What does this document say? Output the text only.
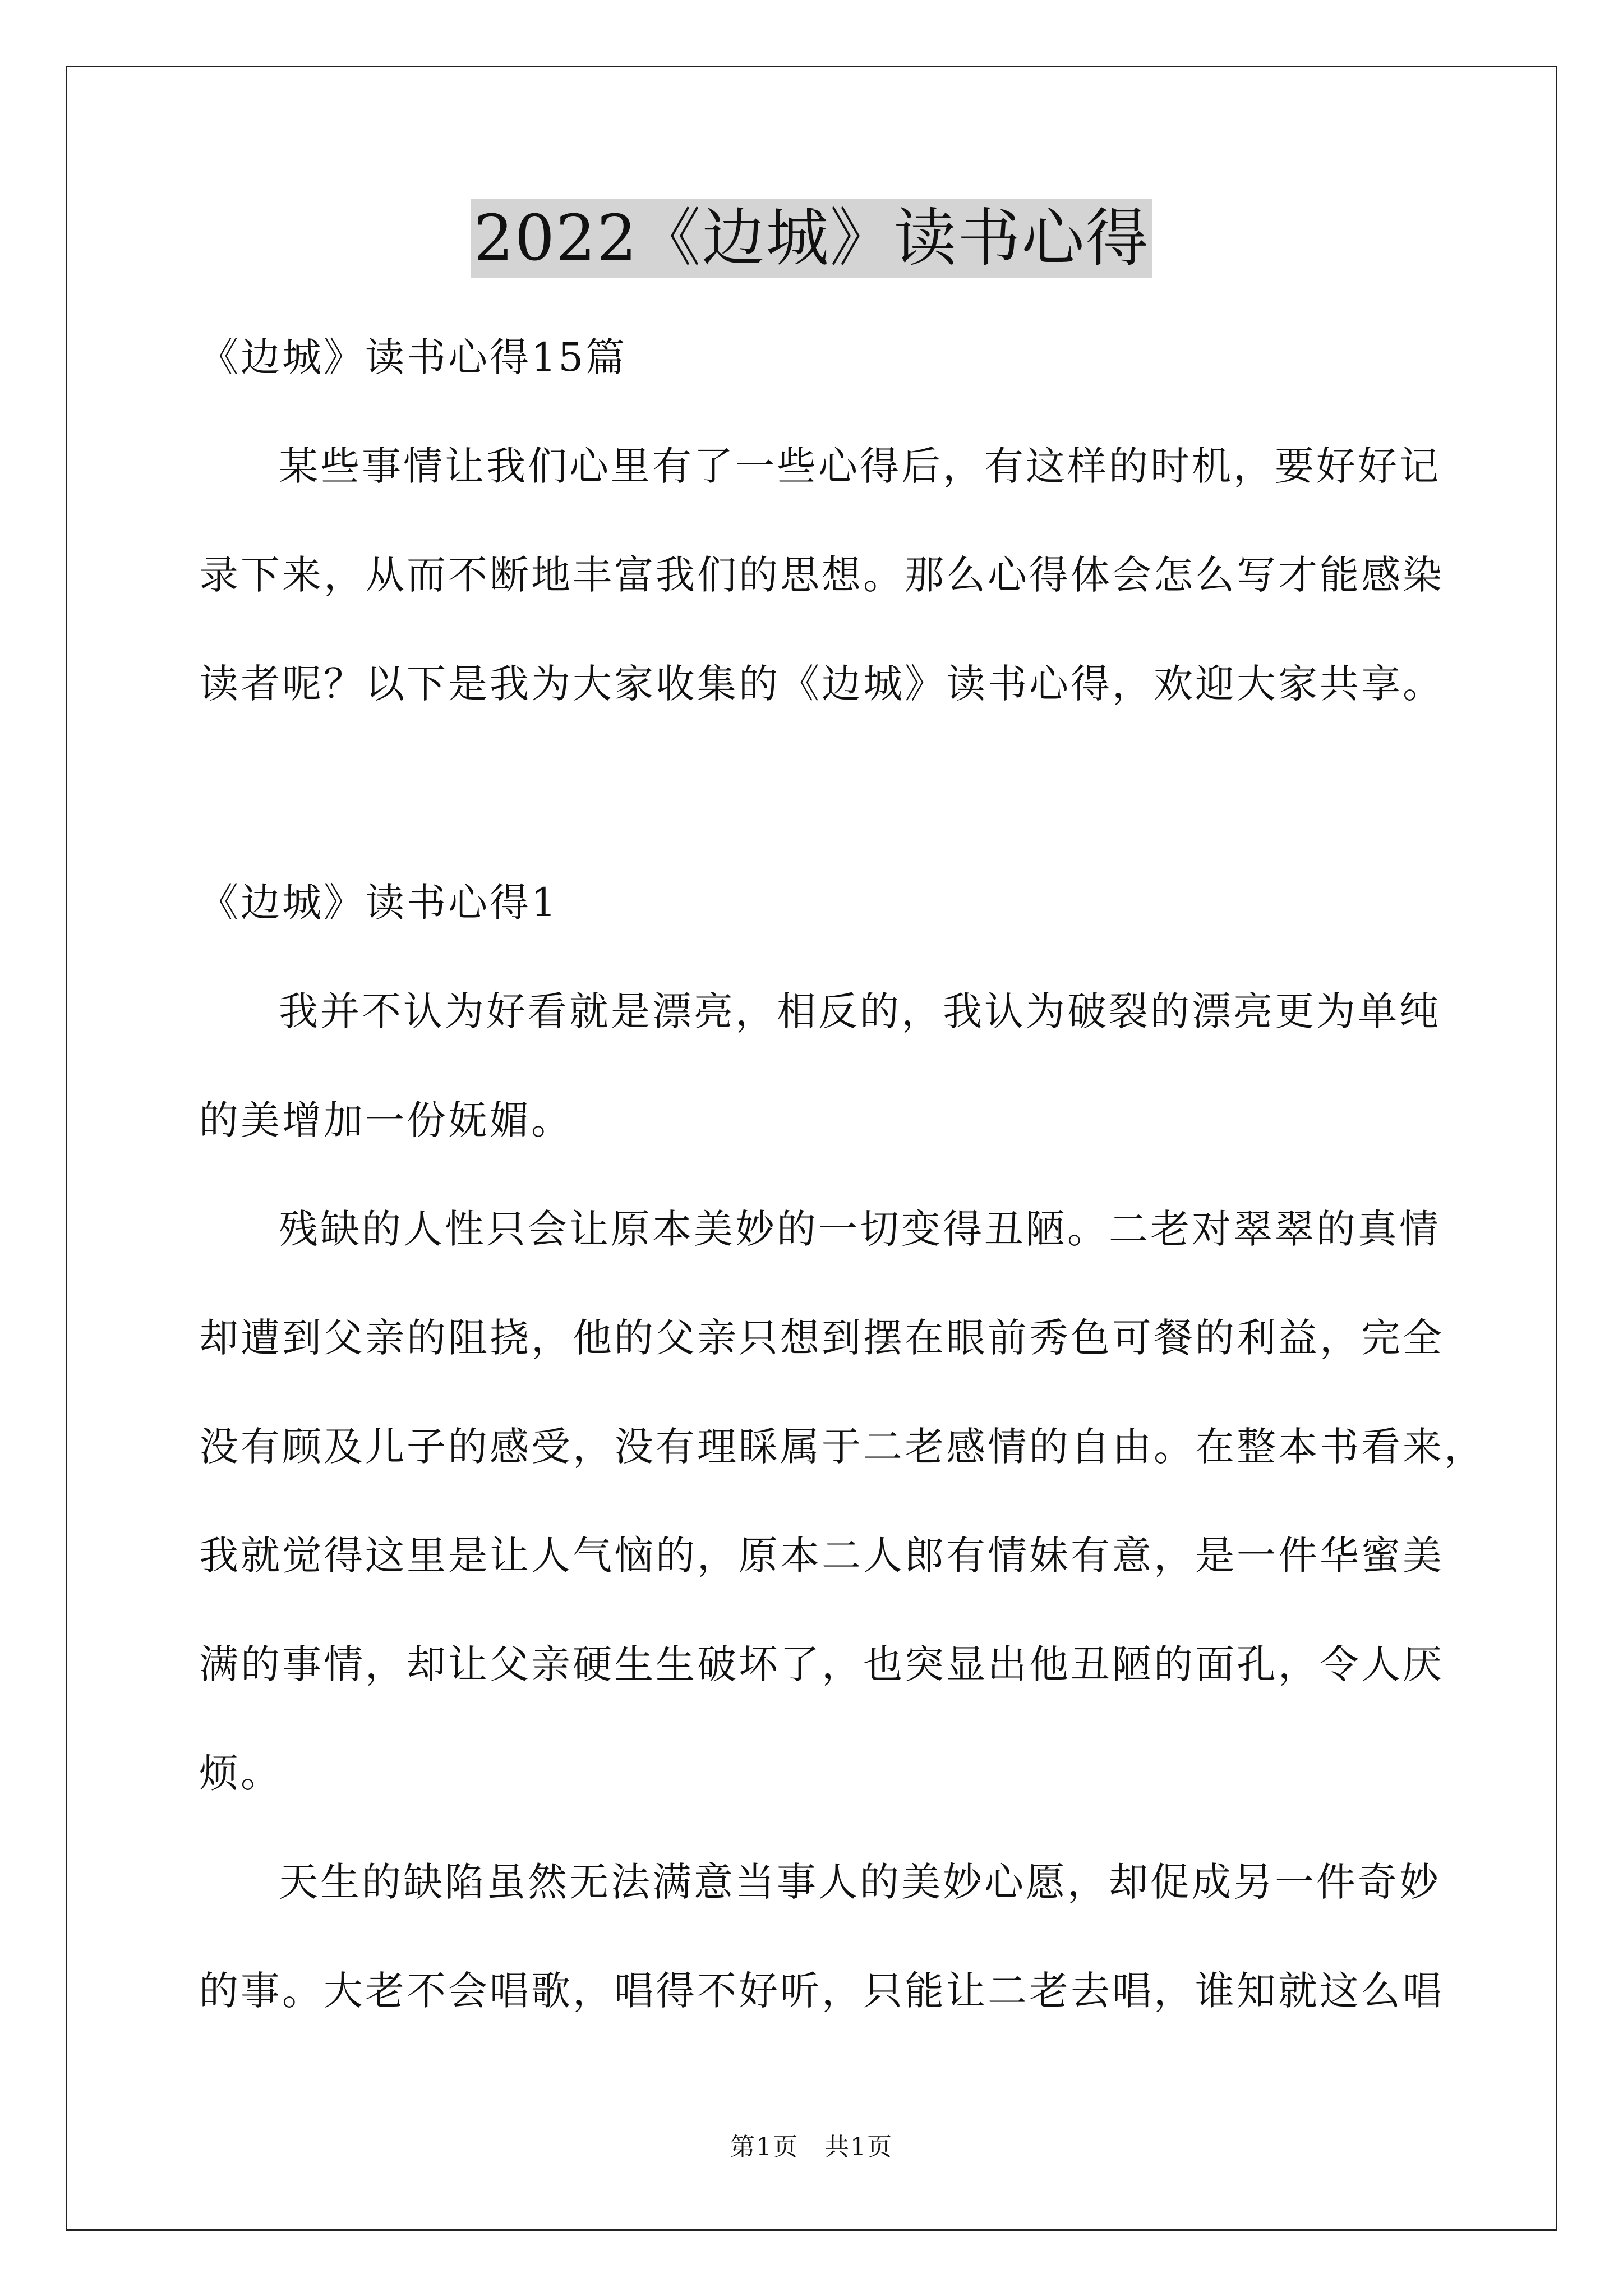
2022《边城》读书心得
《边城》读书心得15篇
某些事情让我们心里有了一些心得后，有这样的时机，要好好记
录下来，从而不断地丰富我们的思想。那么心得体会怎么写才能感染
读者呢？以下是我为大家收集的《边城》读书心得，欢迎大家共享。
《边城》读书心得1
我并不认为好看就是漂亮，相反的，我认为破裂的漂亮更为单纯
的美增加一份妩媚。
残缺的人性只会让原本美妙的一切变得丑陋。二老对翠翠的真情
却遭到父亲的阻挠，他的父亲只想到摆在眼前秀色可餐的利益，完全
没有顾及儿子的感受，没有理睬属于二老感情的自由。在整本书看来，
我就觉得这里是让人气恼的，原本二人郎有情妹有意，是一件华蜜美
满的事情，却让父亲硬生生破坏了，也突显出他丑陋的面孔，令人厌
烦。
天生的缺陷虽然无法满意当事人的美妙心愿，却促成另一件奇妙
的事。大老不会唱歌，唱得不好听，只能让二老去唱，谁知就这么唱
第1页　共1页
